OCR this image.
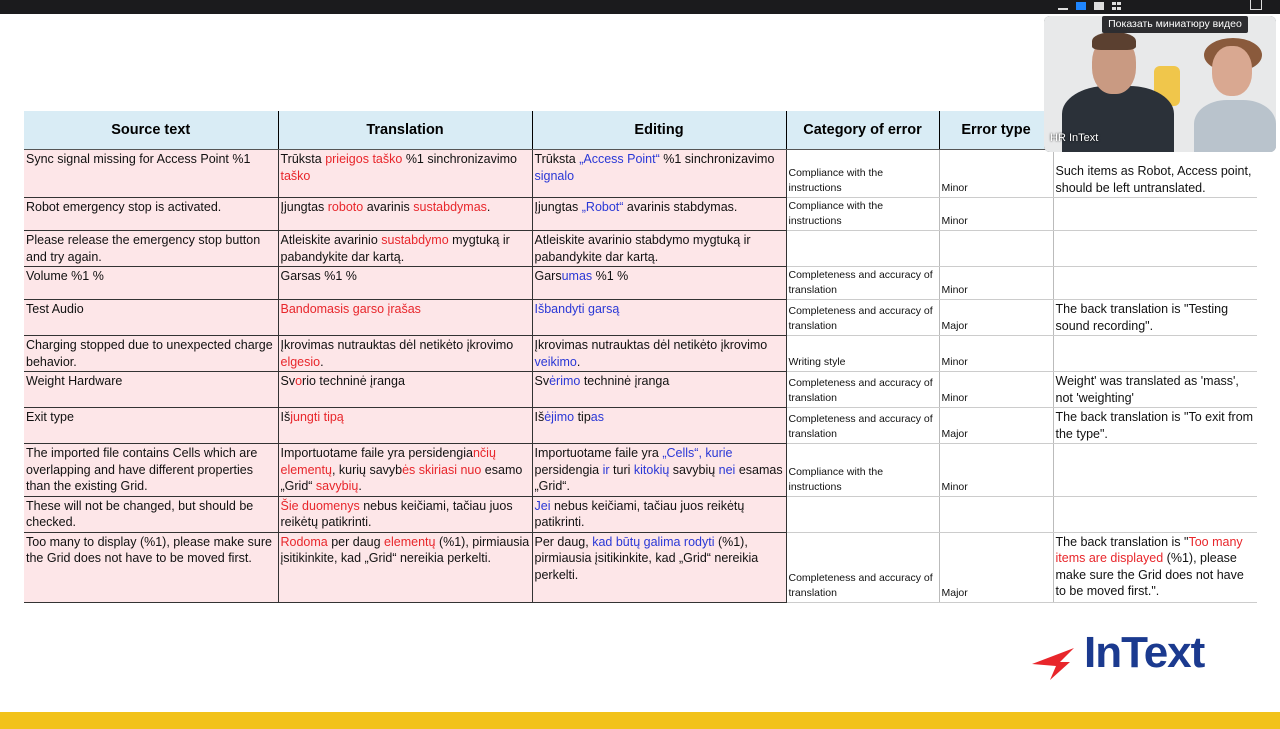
Source text	Translation	Editing	Category of error	Error type	
Sync signal missing for Access Point %1	Trūksta prieigos taško %1 sinchronizavimo taško	Trūksta „Access Point“ %1 sinchronizavimo signalo	Compliance with the instructions	Minor	Such items as Robot, Access point, should be left untranslated.
Robot emergency stop is activated.	Įjungtas roboto avarinis sustabdymas.	Įjungtas „Robot“ avarinis stabdymas.	Compliance with the instructions	Minor	
Please release the emergency stop button and try again.	Atleiskite avarinio sustabdymo mygtuką ir pabandykite dar kartą.	Atleiskite avarinio stabdymo mygtuką ir pabandykite dar kartą.			
Volume %1 %	Garsas %1 %	Garsumas %1 %	Completeness and accuracy of translation	Minor	
Test Audio	Bandomasis garso įrašas	Išbandyti garsą	Completeness and accuracy of translation	Major	The back translation is "Testing sound recording".
Charging stopped due to unexpected charge behavior.	Įkrovimas nutrauktas dėl netikėto įkrovimo elgesio.	Įkrovimas nutrauktas dėl netikėto įkrovimo veikimo.	Writing style	Minor	
Weight Hardware	Svorio techninė įranga	Svėrimo techninė įranga	Completeness and accuracy of translation	Minor	Weight' was translated as 'mass', not 'weighting'
Exit type	Išjungti tipą	Išėjimo tipas	Completeness and accuracy of translation	Major	The back translation is "To exit from the type".
The imported file contains Cells which are overlapping and have different properties than the existing Grid.	Importuotame faile yra persidengiančių elementų, kurių savybės skiriasi nuo esamo „Grid“ savybių.	Importuotame faile yra „Cells“, kurie persidengia ir turi kitokių savybių nei esamas „Grid“.	Compliance with the instructions	Minor	
These will not be changed, but should be checked.	Šie duomenys nebus keičiami, tačiau juos reikėtų patikrinti.	Jei nebus keičiami, tačiau juos reikėtų patikrinti.			
Too many to display (%1), please make sure the Grid does not have to be moved first.	Rodoma per daug elementų (%1), pirmiausia įsitikinkite, kad „Grid“ nereikia perkelti.	Per daug, kad būtų galima rodyti (%1), pirmiausia įsitikinkite, kad „Grid“ nereikia perkelti.	Completeness and accuracy of translation	Major	The back translation is "Too many items are displayed (%1), please make sure the Grid does not have to be moved first.".
HR InText
Показать миниатюру видео
InText
